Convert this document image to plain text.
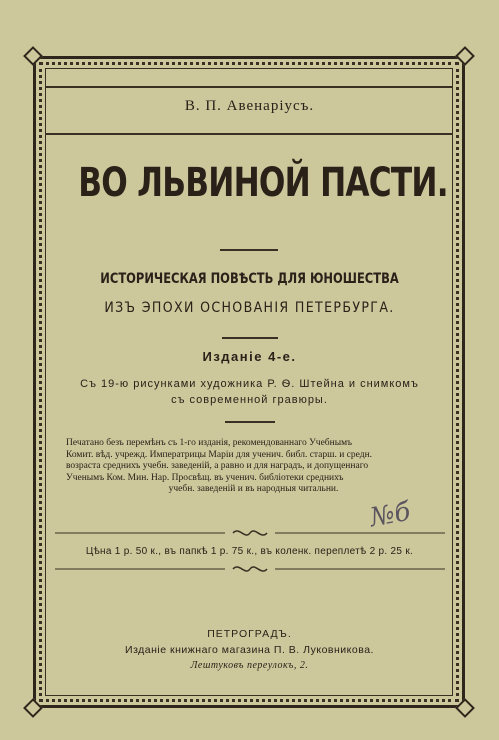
В. П. Авенаріусъ.
ВО ЛЬВИНОЙ ПАСТИ.
ИСТОРИЧЕСКАЯ ПОВѢСТЬ ДЛЯ ЮНОШЕСТВА
ИЗЪ ЭПОХИ ОСНОВАНІЯ ПЕТЕРБУРГА.
Изданіе 4-е.
Съ 19-ю рисунками художника Р. Ѳ. Штейна и снимкомъ
съ современной гравюры.
Печатано безъ перемѣнъ съ 1-го изданія, рекомендованнаго Учебнымъ
Комит. вѣд. учрежд. Императрицы Маріи для ученич. библ. старш. и средн.
возраста среднихъ учебн. заведеній, а равно и для наградъ, и допущеннаго
Ученымъ Ком. Мин. Нар. Просвѣщ. въ ученич. библіотеки среднихъ
учебн. заведеній и въ народныя читальни.
№б
Цѣна 1 р. 50 к., въ папкѣ 1 р. 75 к., въ коленк. переплетѣ 2 р. 25 к.
ПЕТРОГРАДЪ.
Изданіе книжнаго магазина П. В. Луковникова.
Лештуковъ переулокъ, 2.
